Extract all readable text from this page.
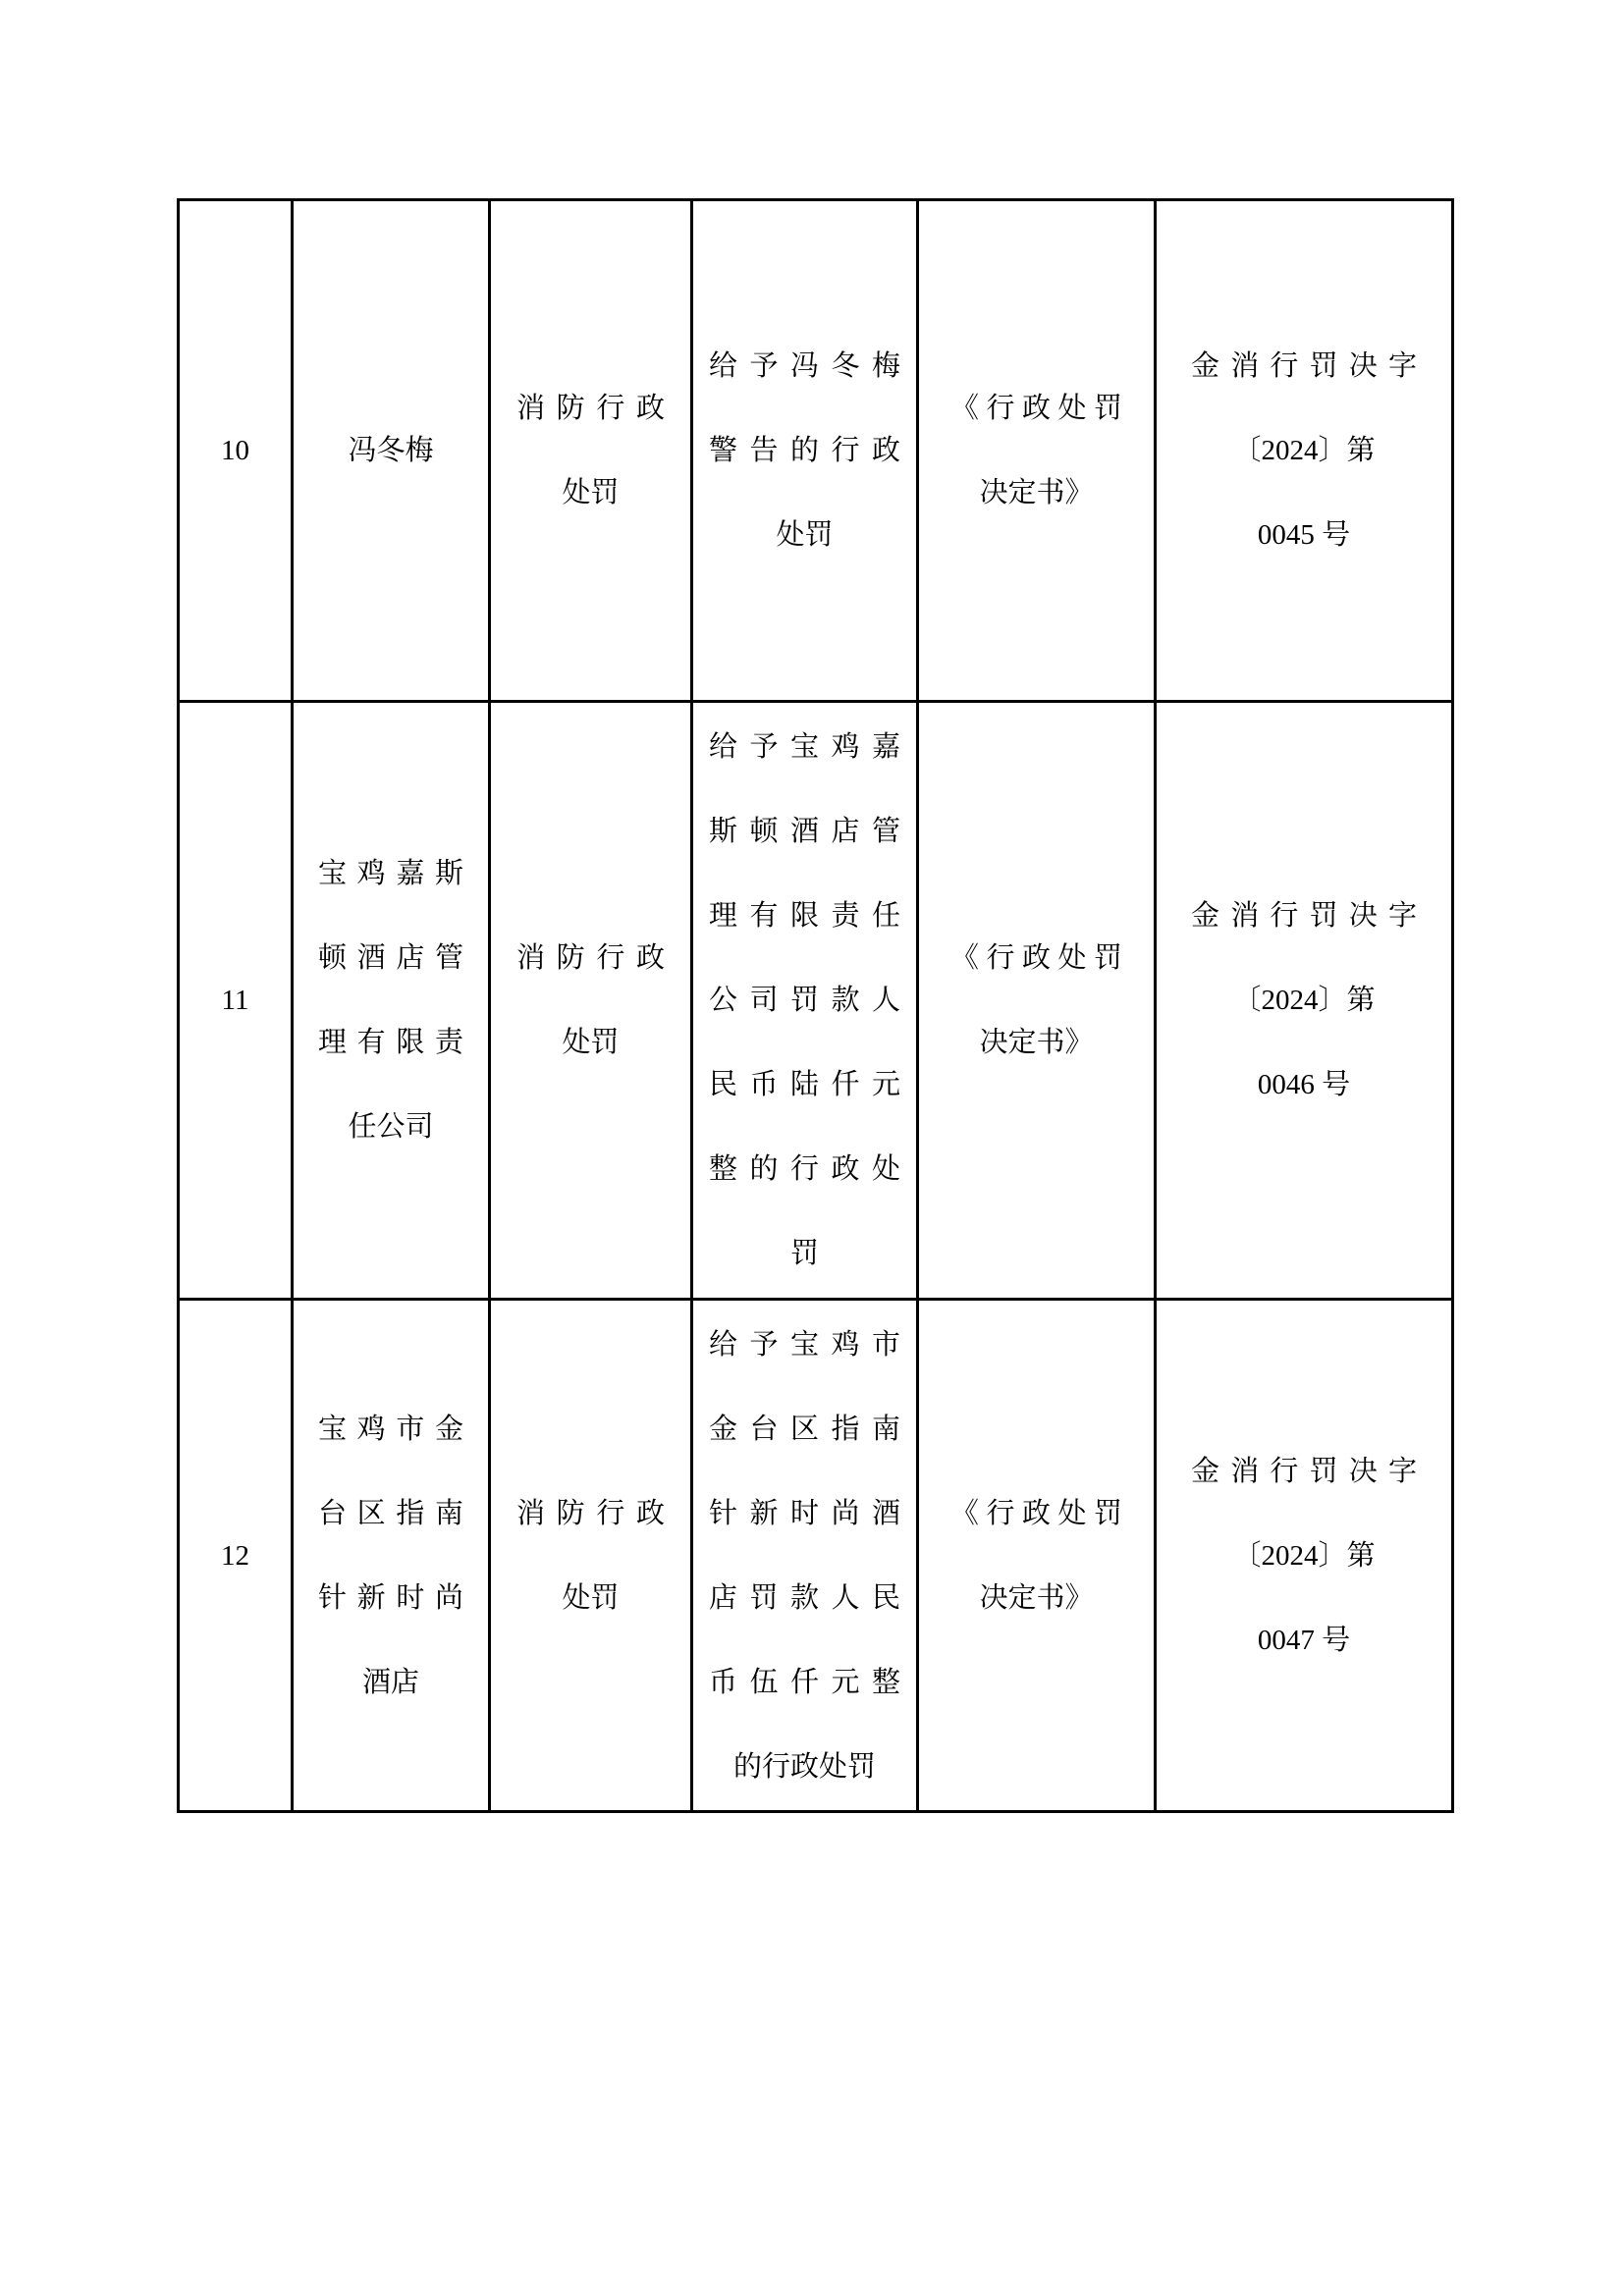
10	冯冬梅
消防行政
处罚
给予冯冬梅
警告的行政
处罚
《行政处罚
决定书》
金消行罚决字
〔2024〕第
0045 号
11
宝鸡嘉斯
顿酒店管
理有限责
任公司
消防行政
处罚
给予宝鸡嘉
斯顿酒店管
理有限责任
公司罚款人
民币陆仟元
整的行政处
罚
《行政处罚
决定书》
金消行罚决字
〔2024〕第
0046 号
12
宝鸡市金
台区指南
针新时尚
酒店
消防行政
处罚
给予宝鸡市
金台区指南
针新时尚酒
店罚款人民
币伍仟元整
的行政处罚
《行政处罚
决定书》
金消行罚决字
〔2024〕第
0047 号
